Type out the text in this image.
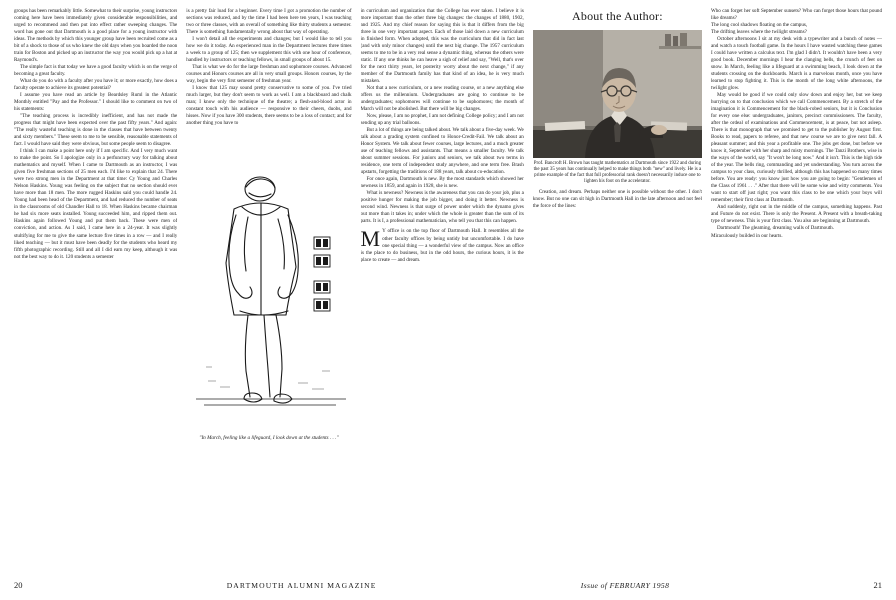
groups has been remarkably little. Somewhat to their surprise, young instructors coming here have been immediately given considerable responsibilities, and urged to recommend and then put into effect rather sweeping changes. The word has gone out that Dartmouth is a good place for a young instructor with ideas. The methods by which this younger group have been recruited come as a bit of a shock to those of us who knew the old days when you boarded the noon train for Boston and picked up an instructor the way you would pick up a hat at Raymond's.

The simple fact is that today we have a good faculty which is on the verge of becoming a great faculty.

What do you do with a faculty after you have it; or more exactly, how does a faculty operate to achieve its greatest potential?

I assume you have read an article by Beardsley Ruml in the Atlantic Monthly entitled "Pay and the Professor." I should like to comment on two of his statements:

"The teaching process is incredibly inefficient, and has not made the progress that might have been expected over the past fifty years." And again: "The really wasteful teaching is done in the classes that have between twenty and sixty members." These seem to me to be sensible, reasonable statements of fact. I would have said they were obvious, but some people seem to disagree.

I think I can make a point here only if I am specific. And I very much want to make the point. So I apologize only in a perfunctory way for talking about mathematics and myself. When I came to Dartmouth as an instructor, I was given five freshman sections of 25 men each. I'd like to explain that 24. There were two strong men in the Department at that time: Cy Young and Charles Nelson Haskins. Young was feeling on the subject that no section should ever have more than 18 men. The more rugged Haskins said you could handle 24. Young had been head of the Department, and had reduced the number of seats in the classrooms of old Chandler Hall to 18. When Haskins became chairman he had six more seats installed. Young succeeded him, and ripped them out. Haskins again followed Young and put them back. These were men of conviction, and action. As I said, I came here in a 24-year. It was slightly stultifying for me to give the same lecture five times in a row — and I really liked teaching — but it must have been deadly for the students who heard my fifth photographic recording. Still and all I did earn my keep, although it was not the best way to do it. 120 students a semester

is a pretty fair load for a beginner. Every time I got a promotion the number of sections was reduced, and by the time I had been here ten years, I was teaching two or three classes, with an overall of something like thirty students a semester. There is something fundamentally wrong about that way of operating.

I won't detail all the experiments and changes; but I would like to tell you how we do it today. An experienced man in the Department lectures three times a week to a group of 125; then we supplement this with one hour of conference, handled by instructors or teaching fellows, in small groups of about 15.

That is what we do for the large freshman and sophomore courses. Advanced courses and Honors courses are all in very small groups. Honors courses, by the way, begin the very first semester of freshman year.

I know that 125 may sound pretty conservative to some of you. I've tried much larger, but they don't seem to work as well. I am a blackboard and chalk man; I know only the technique of the theatre; a flesh-and-blood actor in constant touch with his audience — responsive to their cheers, duobs, and hisses. Now if you have 300 students, there seems to be a loss of contact; and for another thing you have to

"In March, feeling like a lifeguard, I look down at the students . . ."

in curriculum and organization that the College has ever taken. I believe it is more important than the other three big changes: the changes of 1880, 1902, and 1925. And my chief reason for saying this is that it differs from the big three in one very important aspect. Each of those laid down a new curriculum in finished form. When adopted, this was the curriculum that did in fact last (and with only minor changes) until the next big change. The 1957 curriculum seems to me to be in a very real sense a dynamic thing, whereas the others were static. If any one thinks he can heave a sigh of relief and say, "Well, that's over for the next thirty years, let posterity worry about the next change," if any member of the Dartmouth family has that kind of an idea, he is very much mistaken.

Not that a new curriculum, or a new reading course, or a new anything else offers us the millennium. Undergraduates are going to continue to be undergraduates; sophomores will continue to be sophomores; the month of March will not be abolished. But there will be big changes.

Now, please, I am no prophet, I am not defining College policy; and I am not sending up any trial balloons.

But a lot of things are being talked about. We talk about a five-day week. We talk about a grading system confined to Honor-Credit-Fail. We talk about an Honor System. We talk about fewer courses, large lectures, and a much greater use of teaching fellows and assistants. That means a smaller faculty. We talk about summer sessions. For juniors and seniors, we talk about two terms in residence, one term of independent study anywhere, and one term free. Brash upstarts, forgetting the traditions of 188 years, talk about co-education.

For once again, Dartmouth is new. By the most standards which showed her newness in 1859, and again in 1928, she is new.

What is newness? Newness is the awareness that you can do your job, plus a positive hunger for making the job bigger, and doing it better. Newness is second wind. Newness is that surge of power under which the dynamo gives out more than it takes in; under which the whole is greater than the sum of its parts. It is I, a professional mathematician, who tell you that this can happen.

M Y office is on the top floor of Dartmouth Hall. It resembles all the other faculty offices by being untidy but uncomfortable. I do have one special thing — a wonderful view of the campus. Now an office is the place to do business, but in the odd hours, the curious hours, it is the place to create — and dream.

About the Author:
Prof. Bancroft H. Brown has taught mathematics at Dartmouth since 1922 and during the past 35 years has continually helped to make things both "new" and lively. He is a prime example of the fact that full professorial rank doesn't necessarily induce one to lighten his foot on the accelerator.

Creation, and dream. Perhaps neither one is possible without the other. I don't know. But no one can sit high in Dartmouth Hall in the late afternoon and not feel the force of the lines:

Who can forget her soft September sunsets? Who can forget those hours that pound like dreams?

The long cool shadows floating on the campus,

The drifting leaves where the twilight streams?

October afternoons I sit at my desk with a typewriter and a bunch of notes — and watch a touch football game. In the hours I have wasted watching these games I could have written a calculus text. I'm glad I didn't. It wouldn't have been a very good book. December mornings I hear the clanging bells, the crunch of feet on snow. In March, feeling like a lifeguard at a swimming beach, I look down at the students crossing on the duckboards. March is a marvelous month, once you have learned to stop fighting it. This is the month of the long white afternoons, the twilight glow.

May would be good if we could only slow down and enjoy her, but we keep hurrying on to that conclusion which we call Commencement. By a stretch of the imagination it is Commencement for the black-robed seniors, but it is Conclusion for every one else: undergraduates, janitors, precinct commissioners. The faculty, after the ordeal of examinations and Commencement, is at peace, but not asleep. There is that monograph that we promised to get to the publisher by August first. Books to read, papers to referee, and that new course we are to give next fall. A pleasant summer; and this year a profitable one. The jobs get done, but before we know it, September with her sharp and misty mornings. The Tanzi Brothers, wise in the ways of the world, say "It won't be long now." And it isn't. This is the high tide of the year. The bells ring, commanding and yet understanding. You turn across the campus to your class, curiously thrilled, although this has happened so many times before. You are ready: you know just how you are going to begin: "Gentlemen of the Class of 1961 . . ." After that there will be some wise and witty comments. You want to start off just right; you want this class to be one which your boys will remember; their first class at Dartmouth.

And suddenly, right out in the middle of the campus, something happens. Past and Future do not exist. There is only the Present. A Present with a breath-taking type of newness. This is your first class. You also are beginning at Dartmouth.

Dartmouth! The gleaming, dreaming walls of Dartmouth.

Miraculously builded in our hearts.

20	DARTMOUTH ALUMNI MAGAZINE	Issue of FEBRUARY 1958	21
